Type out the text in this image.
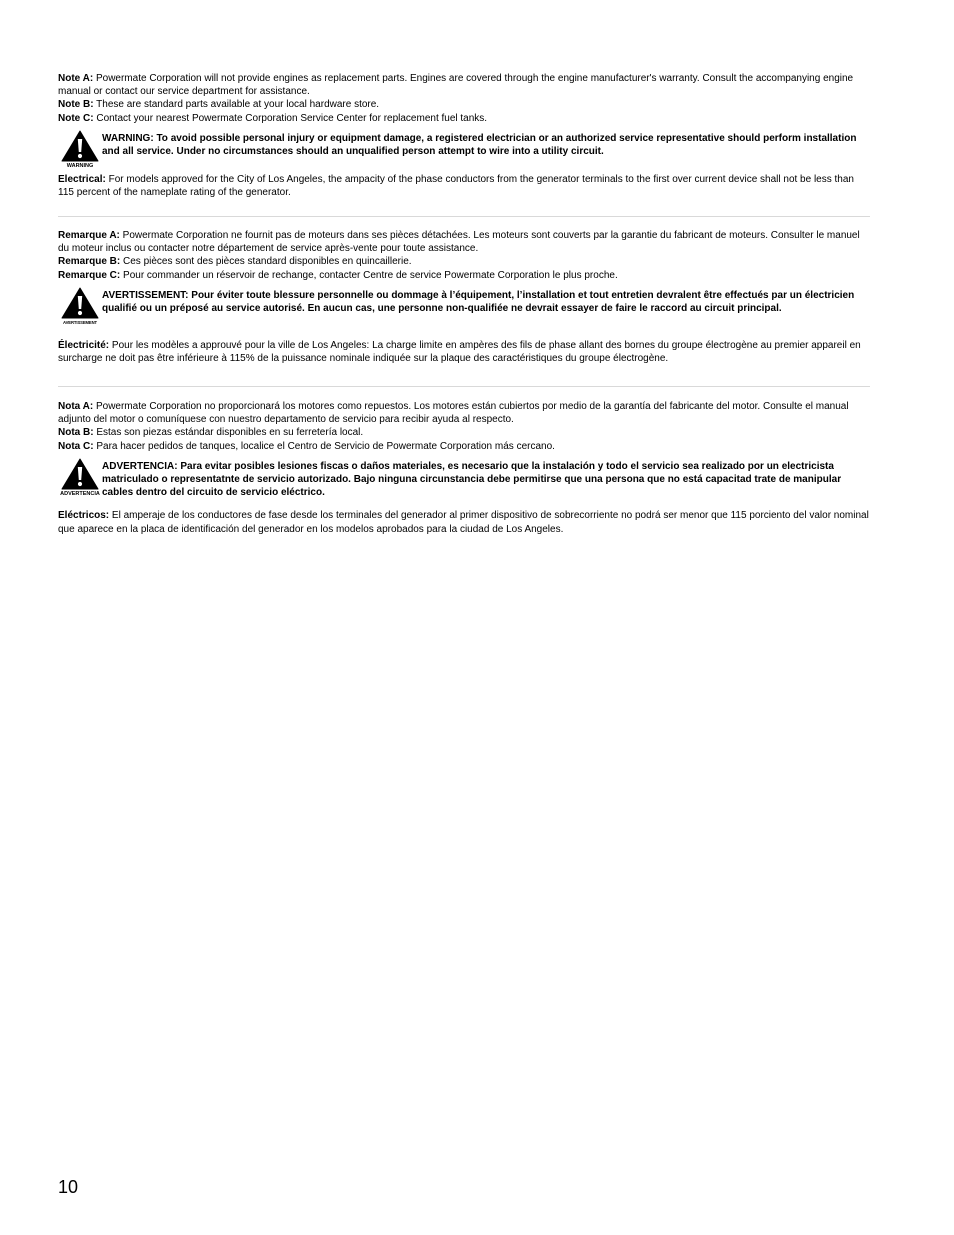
Note A: Powermate Corporation will not provide engines as replacement parts. Engines are covered through the engine manufacturer's warranty. Consult the accompanying engine manual or contact our service department for assistance.

Note B: These are standard parts available at your local hardware store.

Note C: Contact your nearest Powermate Corporation Service Center for replacement fuel tanks.

WARNING
WARNING: To avoid possible personal injury or equipment damage, a registered electrician or an authorized service representative should perform installation and all service. Under no circumstances should an unqualified person attempt to wire into a utility circuit.

Electrical: For models approved for the City of Los Angeles, the ampacity of the phase conductors from the generator terminals to the first over current device shall not be less than 115 percent of the nameplate rating of the generator.

Remarque A: Powermate Corporation ne fournit pas de moteurs dans ses pièces détachées. Les moteurs sont couverts par la garantie du fabricant de moteurs. Consulter le manuel du moteur inclus ou contacter notre département de service après-vente pour toute assistance.

Remarque B: Ces pièces sont des pièces standard disponibles en quincaillerie.

Remarque C: Pour commander un réservoir de rechange, contacter Centre de service Powermate Corporation le plus proche.

AVERTISSEMENT
AVERTISSEMENT: Pour éviter toute blessure personnelle ou dommage à l’équipement, l’installation et tout entretien devralent être effectués par un électricien qualifié ou un préposé au service autorisé. En aucun cas, une personne non-qualifiée ne devrait essayer de faire le raccord au circuit principal.

Électricité: Pour les modèles a approuvé pour la ville de Los Angeles: La charge limite en ampères des fils de phase allant des bornes du groupe électrogène au premier appareil en surcharge ne doit pas être inférieure à 115% de la puissance nominale indiquée sur la plaque des caractéristiques du groupe électrogène.

Nota A: Powermate Corporation no proporcionará los motores como repuestos. Los motores están cubiertos por medio de la garantía del fabricante del motor. Consulte el manual adjunto del motor o comuníquese con nuestro departamento de servicio para recibir ayuda al respecto.

Nota B: Estas son piezas estándar disponibles en su ferretería local.

Nota C: Para hacer pedidos de tanques, localice el Centro de Servicio de Powermate Corporation más cercano.

ADVERTENCIA
ADVERTENCIA: Para evitar posibles lesiones fiscas o daños materiales, es necesario que la instalación y todo el servicio sea realizado por un electricista matriculado o representatnte de servicio autorizado. Bajo ninguna circunstancia debe permitirse que una persona que no está capacitad trate de manipular cables dentro del circuito de servicio eléctrico.

Eléctricos: El amperaje de los conductores de fase desde los terminales del generador al primer dispositivo de sobrecorriente no podrá ser menor que 115 porciento del valor nominal que aparece en la placa de identificación del generador en los modelos aprobados para la ciudad de Los Angeles.

10
